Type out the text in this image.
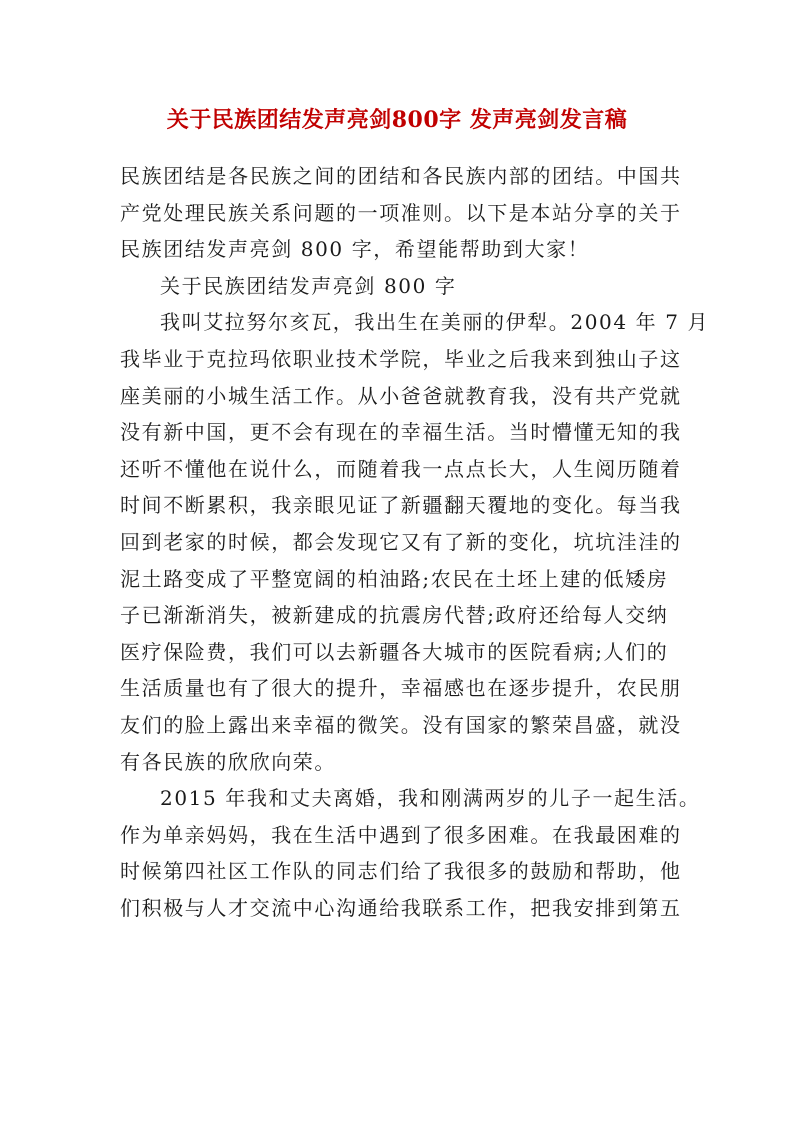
关于民族团结发声亮剑800字 发声亮剑发言稿
民族团结是各民族之间的团结和各民族内部的团结。中国共
产党处理民族关系问题的一项准则。以下是本站分享的关于
民族团结发声亮剑 800 字，希望能帮助到大家！
关于民族团结发声亮剑 800 字
我叫艾拉努尔亥瓦，我出生在美丽的伊犁。2004 年 7 月
我毕业于克拉玛依职业技术学院，毕业之后我来到独山子这
座美丽的小城生活工作。从小爸爸就教育我，没有共产党就
没有新中国，更不会有现在的幸福生活。当时懵懂无知的我
还听不懂他在说什么，而随着我一点点长大，人生阅历随着
时间不断累积，我亲眼见证了新疆翻天覆地的变化。每当我
回到老家的时候，都会发现它又有了新的变化，坑坑洼洼的
泥土路变成了平整宽阔的柏油路;农民在土坯上建的低矮房
子已渐渐消失，被新建成的抗震房代替;政府还给每人交纳
医疗保险费，我们可以去新疆各大城市的医院看病;人们的
生活质量也有了很大的提升，幸福感也在逐步提升，农民朋
友们的脸上露出来幸福的微笑。没有国家的繁荣昌盛，就没
有各民族的欣欣向荣。
2015 年我和丈夫离婚，我和刚满两岁的儿子一起生活。
作为单亲妈妈，我在生活中遇到了很多困难。在我最困难的
时候第四社区工作队的同志们给了我很多的鼓励和帮助，他
们积极与人才交流中心沟通给我联系工作，把我安排到第五
